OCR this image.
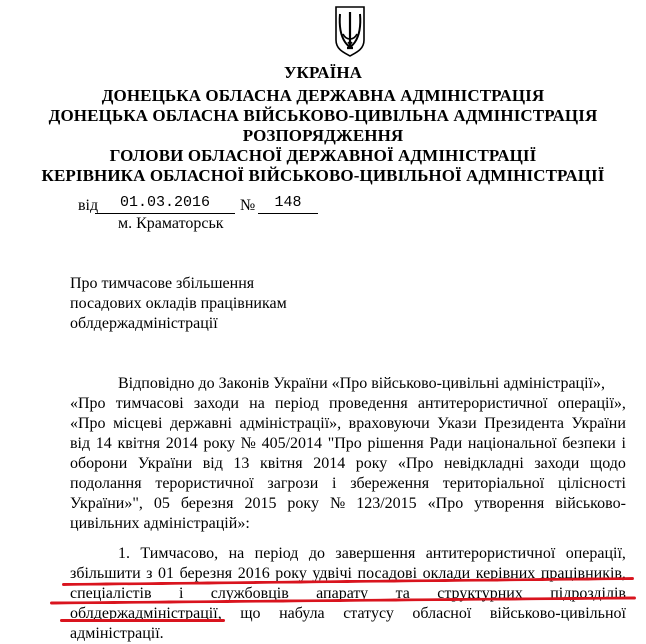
УКРАЇНА
ДОНЕЦЬКА ОБЛАСНА ДЕРЖАВНА АДМІНІСТРАЦІЯ
ДОНЕЦЬКА ОБЛАСНА ВІЙСЬКОВО-ЦИВІЛЬНА АДМІНІСТРАЦІЯ
РОЗПОРЯДЖЕННЯ
ГОЛОВИ ОБЛАСНОЇ ДЕРЖАВНОЇ АДМІНІСТРАЦІЇ
КЕРІВНИКА ОБЛАСНОЇ ВІЙСЬКОВО-ЦИВІЛЬНОЇ АДМІНІСТРАЦІЇ
від	01.03.2016	№	148
м. Краматорськ
Про тимчасове збільшення
посадових окладів працівникам
облдержадміністрації
Відповідно до Законів України «Про військово-цивільні адміністрації»,
«Про тимчасові заходи на період проведення антитерористичної операції»,
«Про місцеві державні адміністрації», враховуючи Укази Президента України
від 14 квітня 2014 року № 405/2014 "Про рішення Ради національної безпеки і
оборони України від 13 квітня 2014 року «Про невідкладні заходи щодо
подолання терористичної загрози і збереження територіальної цілісності
України»", 05 березня 2015 року № 123/2015 «Про утворення військово-
цивільних адміністрацій»:
1. Тимчасово, на період до завершення антитерористичної операції,
збільшити з 01 березня 2016 року удвічі посадові оклади керівних працівників,
спеціалістів і службовців апарату та структурних підрозділів
облдержадміністрації, що набула статусу обласної військово-цивільної
адміністрації.
